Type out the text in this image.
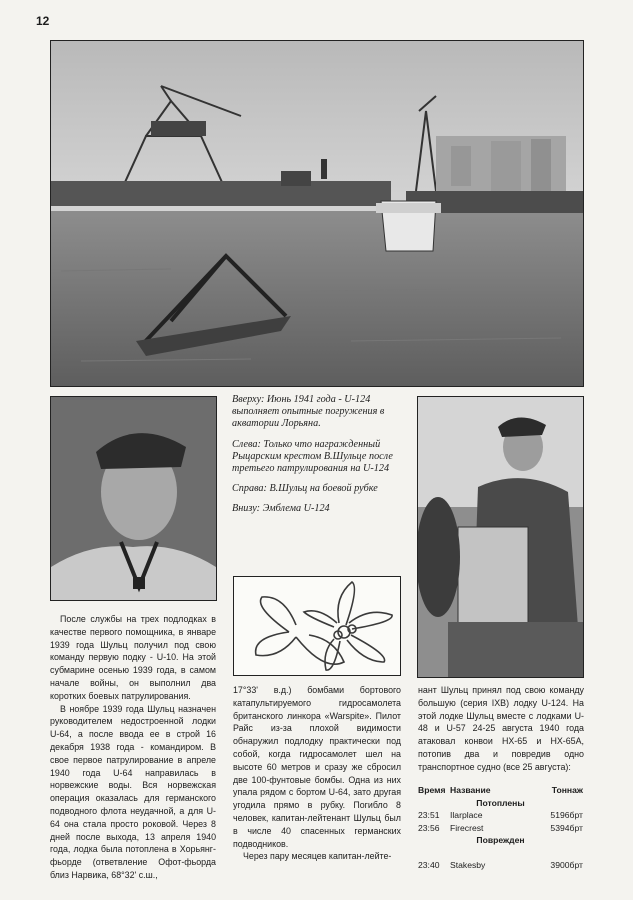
12

Вверху: Июнь 1941 года - U-124 выполняет опытные погружения в акватории Лорьяна.

Слева: Только что награжденный Рыцарским крестом В.Шульце после третьего патрулирования на U-124

Справа: В.Шульц на боевой рубке

Внизу: Эмблема U-124

После службы на трех подлодках в качестве первого помощника, в январе 1939 года Шульц получил под свою команду первую подку - U-10. На этой субмарине осенью 1939 года, в самом начале войны, он выполнил два коротких боевых патрулирования.

В ноябре 1939 года Шульц назначен руководителем недостроенной лодки U-64, а после ввода ее в строй 16 декабря 1938 года - командиром. В свое первое патрулирование в апреле 1940 года U-64 направилась в норвежские воды. Вся норвежская операция оказалась для германского подводного флота неудачной, а для U-64 она стала просто роковой. Через 8 дней после выхода, 13 апреля 1940 года, лодка была потоплена в Хорьянг-фьорде (ответвление Офот-фьорда близ Нарвика, 68°32' с.ш.,

17°33' в.д.) бомбами бортового катапультируемого гидросамолета британского линкора «Warspite». Пилот Райс из-за плохой видимости обнаружил подлодку практически под собой, когда гидросамолет шел на высоте 60 метров и сразу же сбросил две 100-фунтовые бомбы. Одна из них упала рядом с бортом U-64, зато другая угодила прямо в рубку. Погибло 8 человек, капитан-лейтенант Шульц был в числе 40 спасенных германских подводников.

Через пару месяцев капитан-лейте-

нант Шульц принял под свою команду большую (серия IXB) лодку U-124. На этой лодке Шульц вместе с лодками U-48 и U-57 24-25 августа 1940 года атаковал конвои HX-65 и HX-65A, потопив два и повредив одно транспортное судно (все 25 августа):

Время Название	Тоннаж
Потоплены
23:51	Ilarplace	5196брт
23:56	Firecrest	5394брт
Поврежден
23:40	Stakesby	3900брт
